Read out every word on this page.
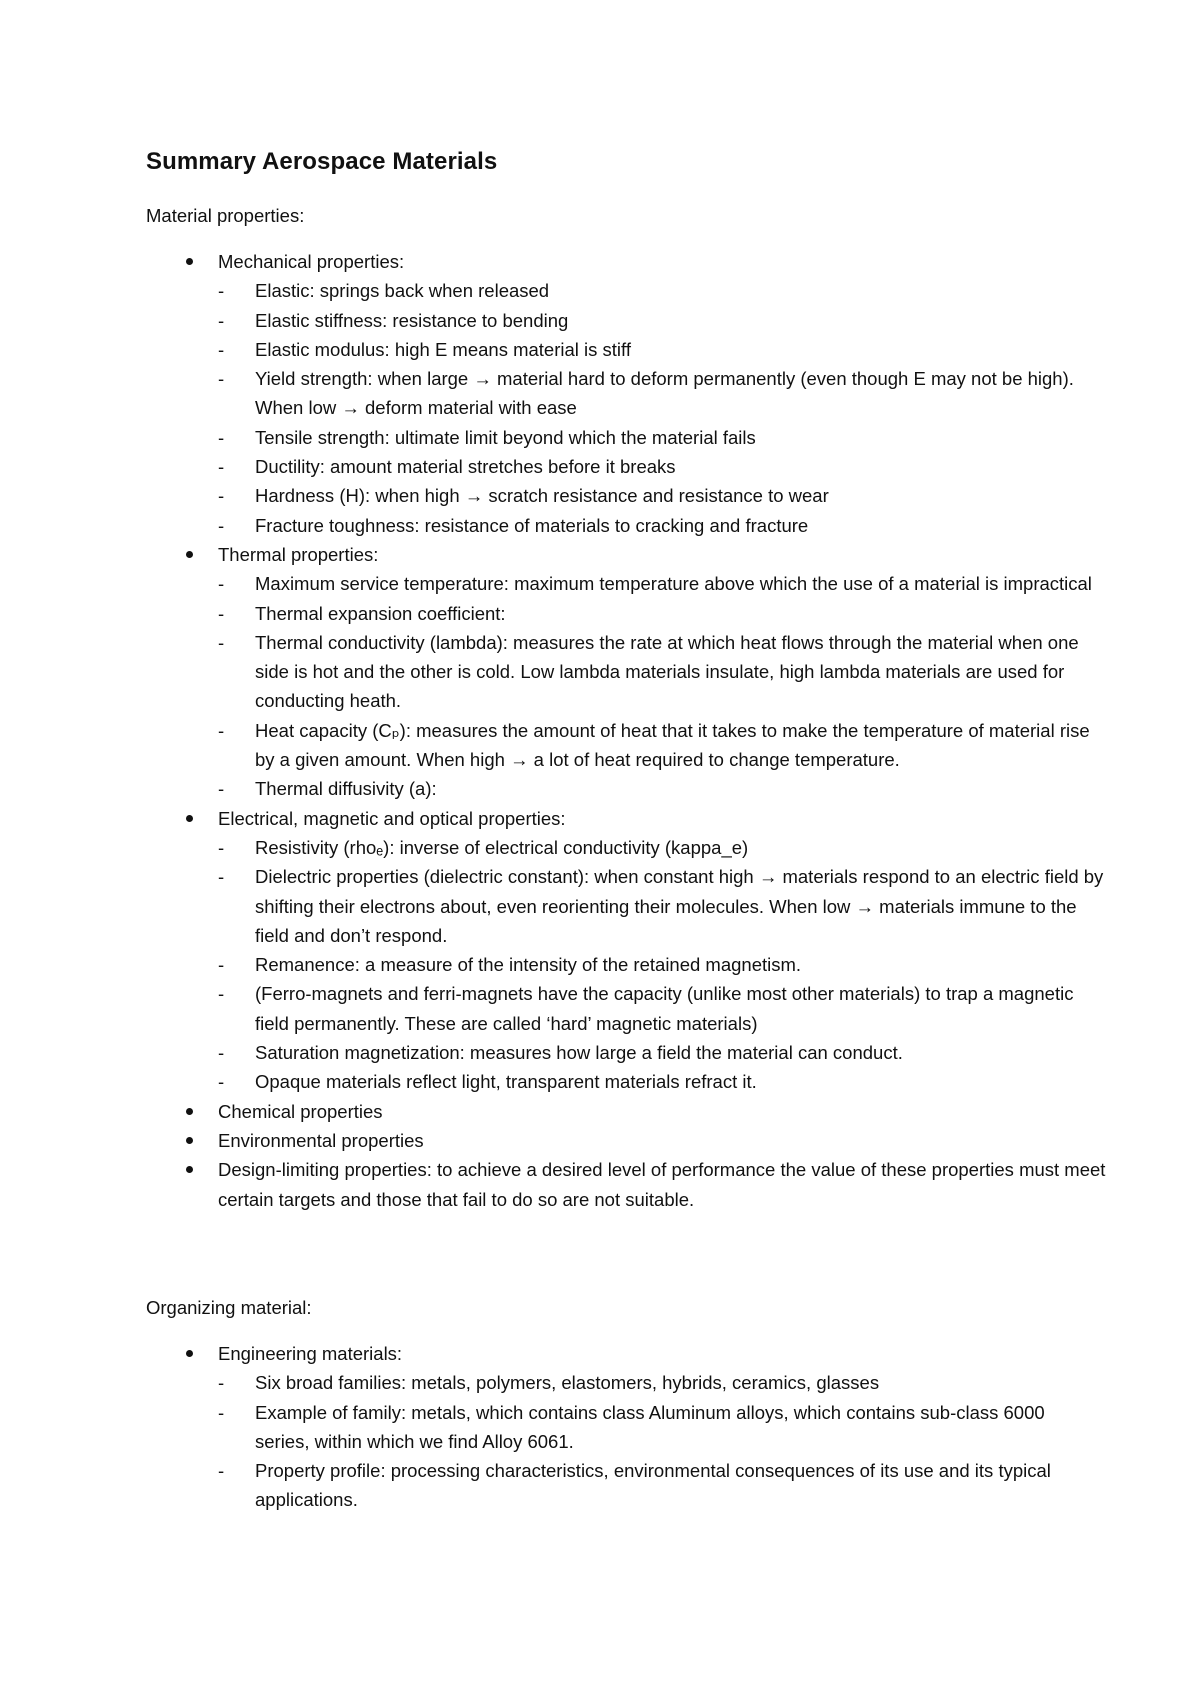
Summary Aerospace Materials
Material properties:
Mechanical properties:
- Elastic: springs back when released
- Elastic stiffness: resistance to bending
- Elastic modulus: high E means material is stiff
- Yield strength: when large → material hard to deform permanently (even though E may not be high). When low → deform material with ease
- Tensile strength: ultimate limit beyond which the material fails
- Ductility: amount material stretches before it breaks
- Hardness (H): when high → scratch resistance and resistance to wear
- Fracture toughness: resistance of materials to cracking and fracture
Thermal properties:
- Maximum service temperature: maximum temperature above which the use of a material is impractical
- Thermal expansion coefficient:
- Thermal conductivity (lambda): measures the rate at which heat flows through the material when one side is hot and the other is cold. Low lambda materials insulate, high lambda materials are used for conducting heath.
- Heat capacity (Cₚ): measures the amount of heat that it takes to make the temperature of material rise by a given amount. When high → a lot of heat required to change temperature.
- Thermal diffusivity (a):
Electrical, magnetic and optical properties:
- Resistivity (rhoₑ): inverse of electrical conductivity (kappa_e)
- Dielectric properties (dielectric constant): when constant high → materials respond to an electric field by shifting their electrons about, even reorienting their molecules. When low → materials immune to the field and don’t respond.
- Remanence: a measure of the intensity of the retained magnetism.
- (Ferro-magnets and ferri-magnets have the capacity (unlike most other materials) to trap a magnetic field permanently. These are called ‘hard’ magnetic materials)
- Saturation magnetization: measures how large a field the material can conduct.
- Opaque materials reflect light, transparent materials refract it.
Chemical properties
Environmental properties
Design-limiting properties: to achieve a desired level of performance the value of these properties must meet certain targets and those that fail to do so are not suitable.
Organizing material:
Engineering materials:
- Six broad families: metals, polymers, elastomers, hybrids, ceramics, glasses
- Example of family: metals, which contains class Aluminum alloys, which contains sub-class 6000 series, within which we find Alloy 6061.
- Property profile: processing characteristics, environmental consequences of its use and its typical applications.
